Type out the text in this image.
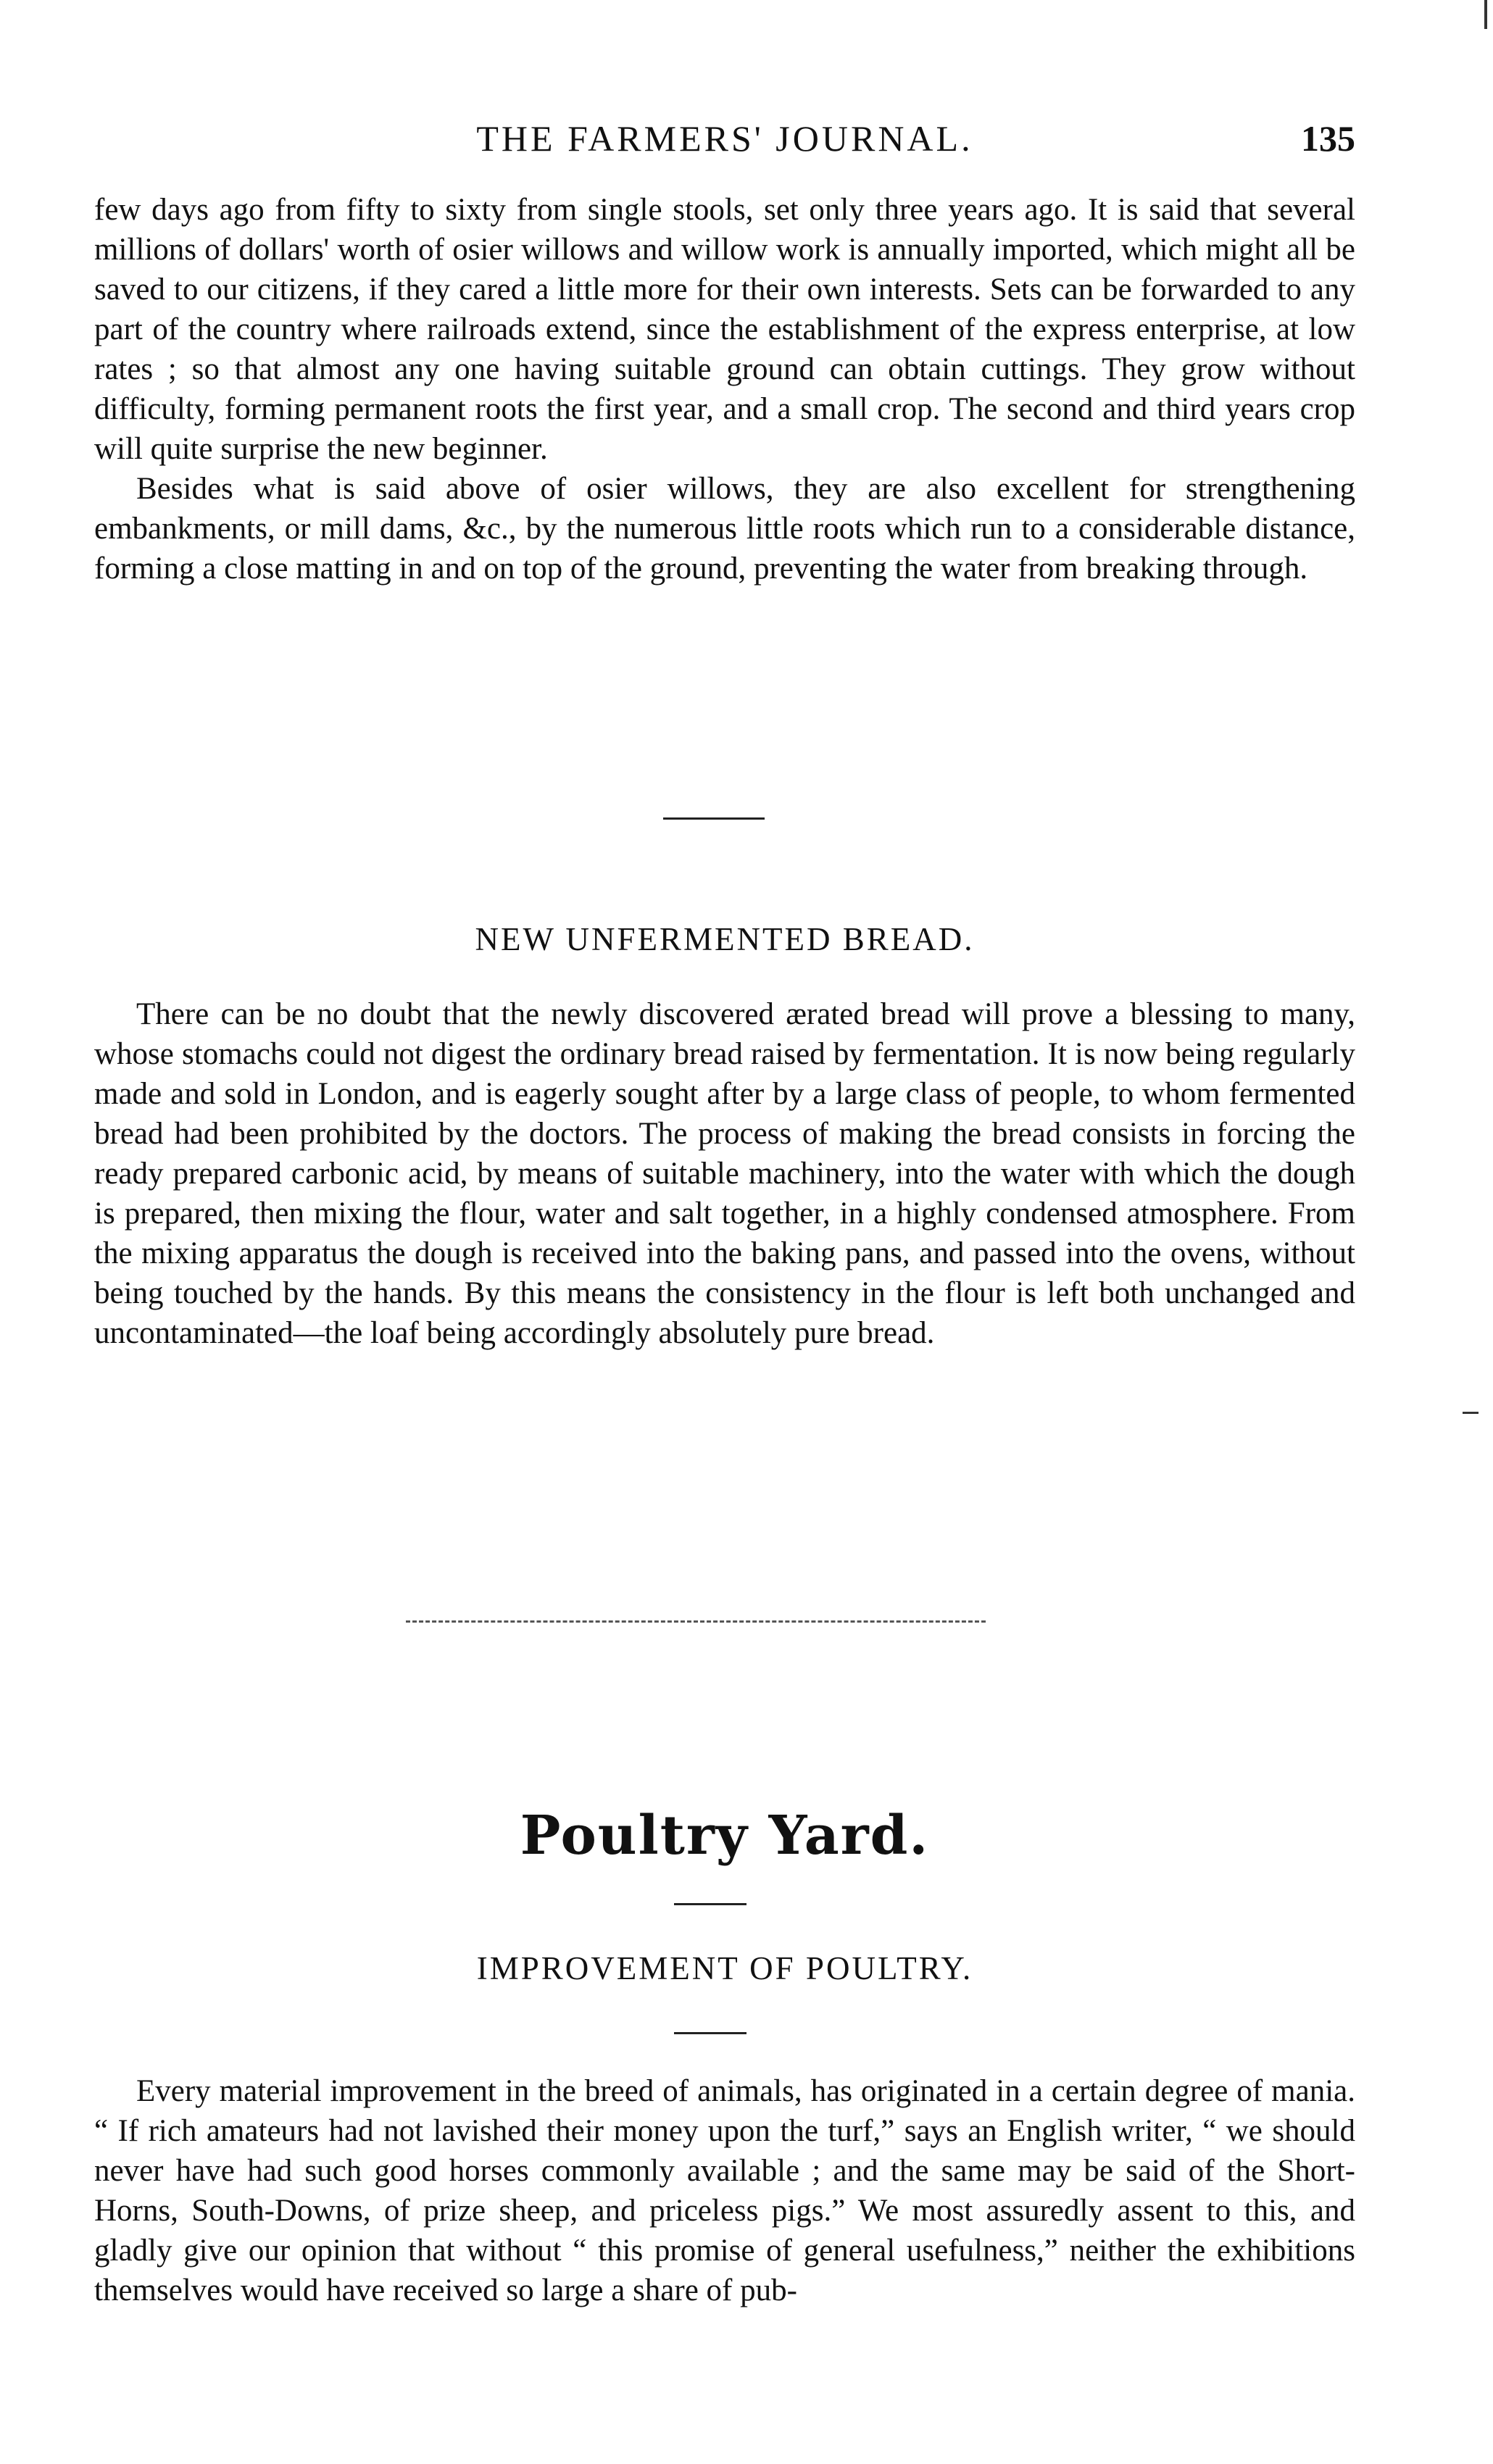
THE FARMERS' JOURNAL.	135

few days ago from fifty to sixty from single stools, set only three years ago. It is said that several millions of dollars' worth of osier willows and willow work is annually imported, which might all be saved to our citizens, if they cared a little more for their own interests. Sets can be forwarded to any part of the country where railroads extend, since the establishment of the express enterprise, at low rates ; so that almost any one having suitable ground can obtain cuttings. They grow without difficulty, forming permanent roots the first year, and a small crop. The second and third years crop will quite surprise the new beginner.

Besides what is said above of osier willows, they are also excellent for strengthening embankments, or mill dams, &c., by the numerous little roots which run to a considerable distance, forming a close matting in and on top of the ground, preventing the water from breaking through.

NEW UNFERMENTED BREAD.

There can be no doubt that the newly discovered ærated bread will prove a blessing to many, whose stomachs could not digest the ordinary bread raised by fermentation. It is now being regularly made and sold in London, and is eagerly sought after by a large class of people, to whom fermented bread had been prohibited by the doctors. The process of making the bread consists in forcing the ready prepared carbonic acid, by means of suitable machinery, into the water with which the dough is prepared, then mixing the flour, water and salt together, in a highly condensed atmosphere. From the mixing apparatus the dough is received into the baking pans, and passed into the ovens, without being touched by the hands. By this means the consistency in the flour is left both unchanged and uncontaminated—the loaf being accordingly absolutely pure bread.

Poultry Yard.
IMPROVEMENT OF POULTRY.

Every material improvement in the breed of animals, has originated in a certain degree of mania. “ If rich amateurs had not lavished their money upon the turf,” says an English writer, “ we should never have had such good horses commonly available ; and the same may be said of the Short-Horns, South-Downs, of prize sheep, and priceless pigs.” We most assuredly assent to this, and gladly give our opinion that without “ this promise of general usefulness,” neither the exhibitions themselves would have received so large a share of pub-
